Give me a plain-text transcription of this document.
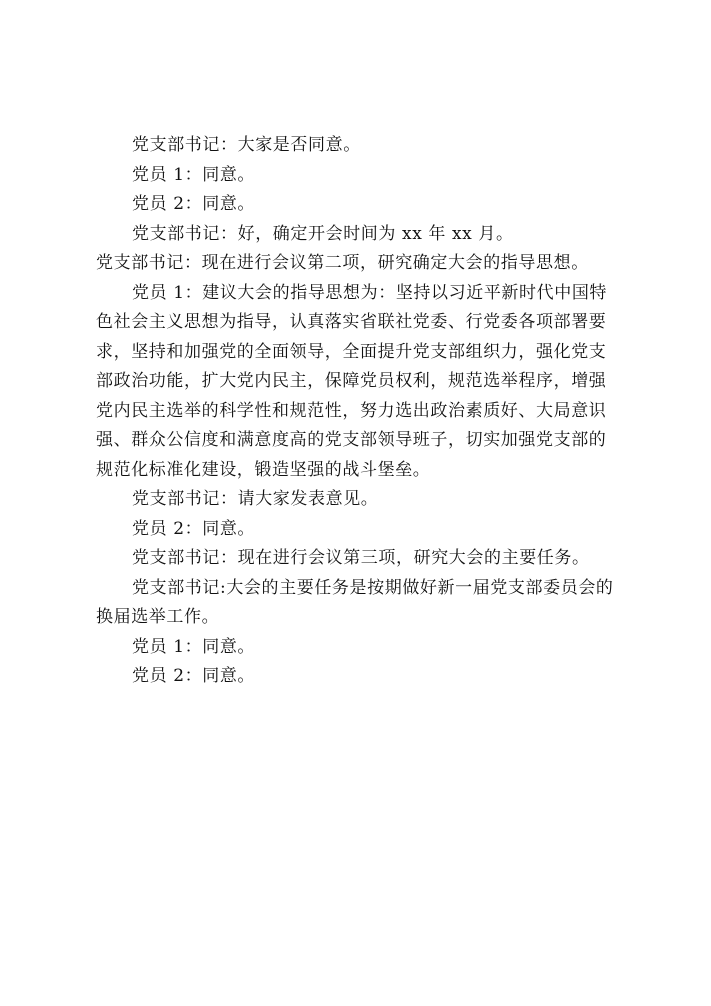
党支部书记：大家是否同意。

党员 1：同意。

党员 2：同意。

党支部书记：好，确定开会时间为 xx 年 xx 月。

党支部书记：现在进行会议第二项，研究确定大会的指导思想。

党员 1：建议大会的指导思想为：坚持以习近平新时代中国特色社会主义思想为指导，认真落实省联社党委、行党委各项部署要求，坚持和加强党的全面领导，全面提升党支部组织力，强化党支部政治功能，扩大党内民主，保障党员权利，规范选举程序，增强党内民主选举的科学性和规范性，努力选出政治素质好、大局意识强、群众公信度和满意度高的党支部领导班子，切实加强党支部的规范化标准化建设，锻造坚强的战斗堡垒。

党支部书记：请大家发表意见。

党员 2：同意。

党支部书记：现在进行会议第三项，研究大会的主要任务。

党支部书记:大会的主要任务是按期做好新一届党支部委员会的换届选举工作。

党员 1：同意。

党员 2：同意。
